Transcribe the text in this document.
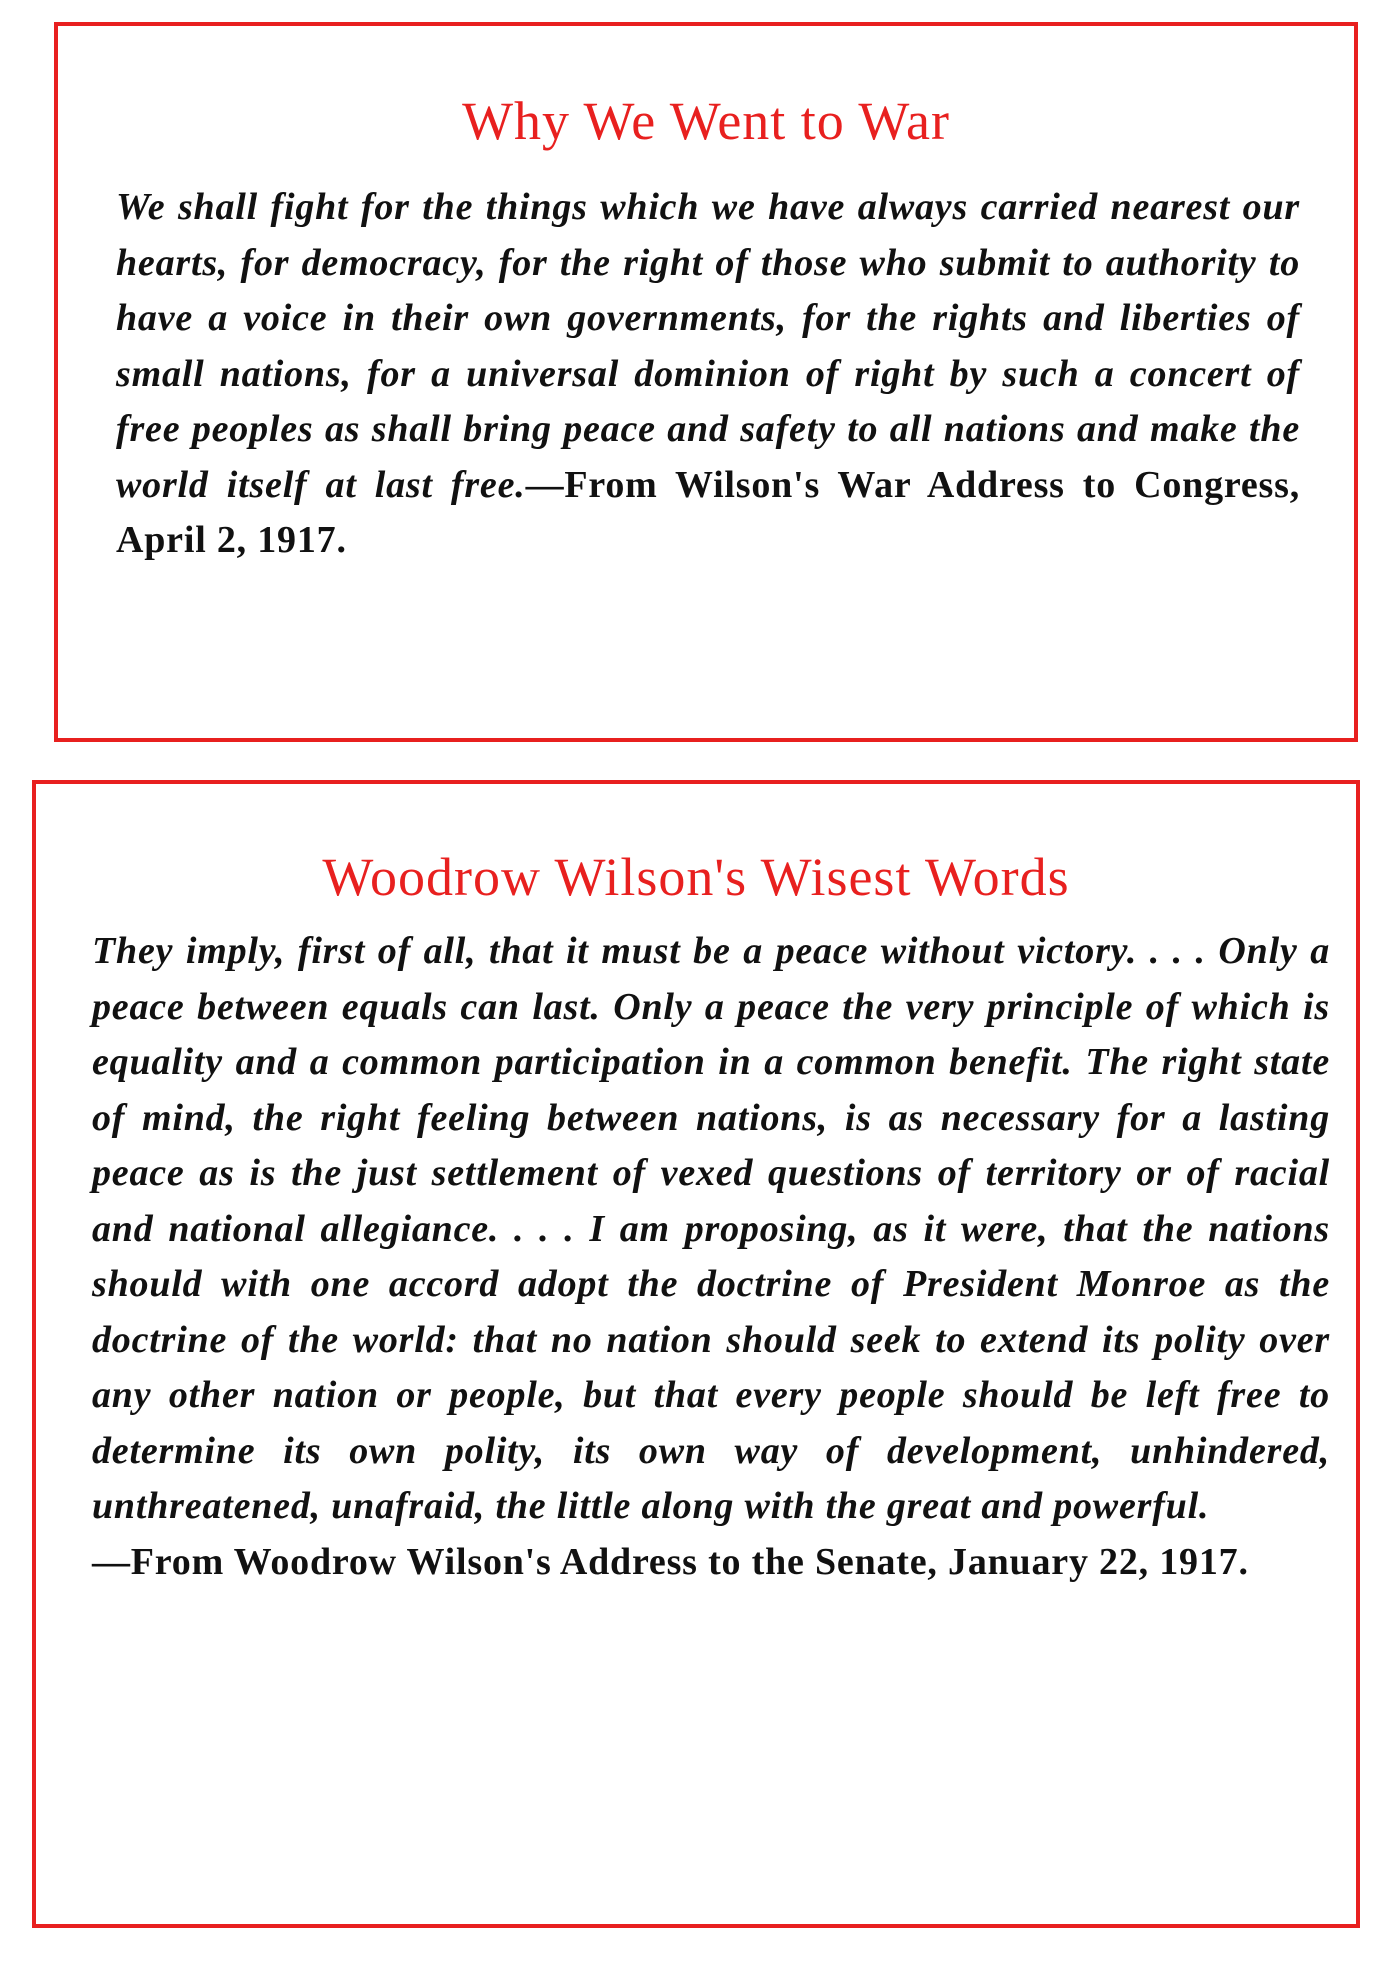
Why We Went to War
We shall fight for the things which we have always carried nearest our hearts, for democracy, for the right of those who submit to authority to have a voice in their own governments, for the rights and liberties of small nations, for a universal dominion of right by such a concert of free peoples as shall bring peace and safety to all nations and make the world itself at last free.—From Wilson's War Address to Congress, April 2, 1917.
Woodrow Wilson's Wisest Words
They imply, first of all, that it must be a peace without victory. . . . Only a peace between equals can last. Only a peace the very principle of which is equality and a common participation in a common benefit. The right state of mind, the right feeling between nations, is as necessary for a lasting peace as is the just settlement of vexed questions of territory or of racial and national allegiance. . . . I am proposing, as it were, that the nations should with one accord adopt the doctrine of President Monroe as the doctrine of the world: that no nation should seek to extend its polity over any other nation or people, but that every people should be left free to determine its own polity, its own way of development, unhindered, unthreatened, unafraid, the little along with the great and powerful.
—From Woodrow Wilson's Address to the Senate, January 22, 1917.
